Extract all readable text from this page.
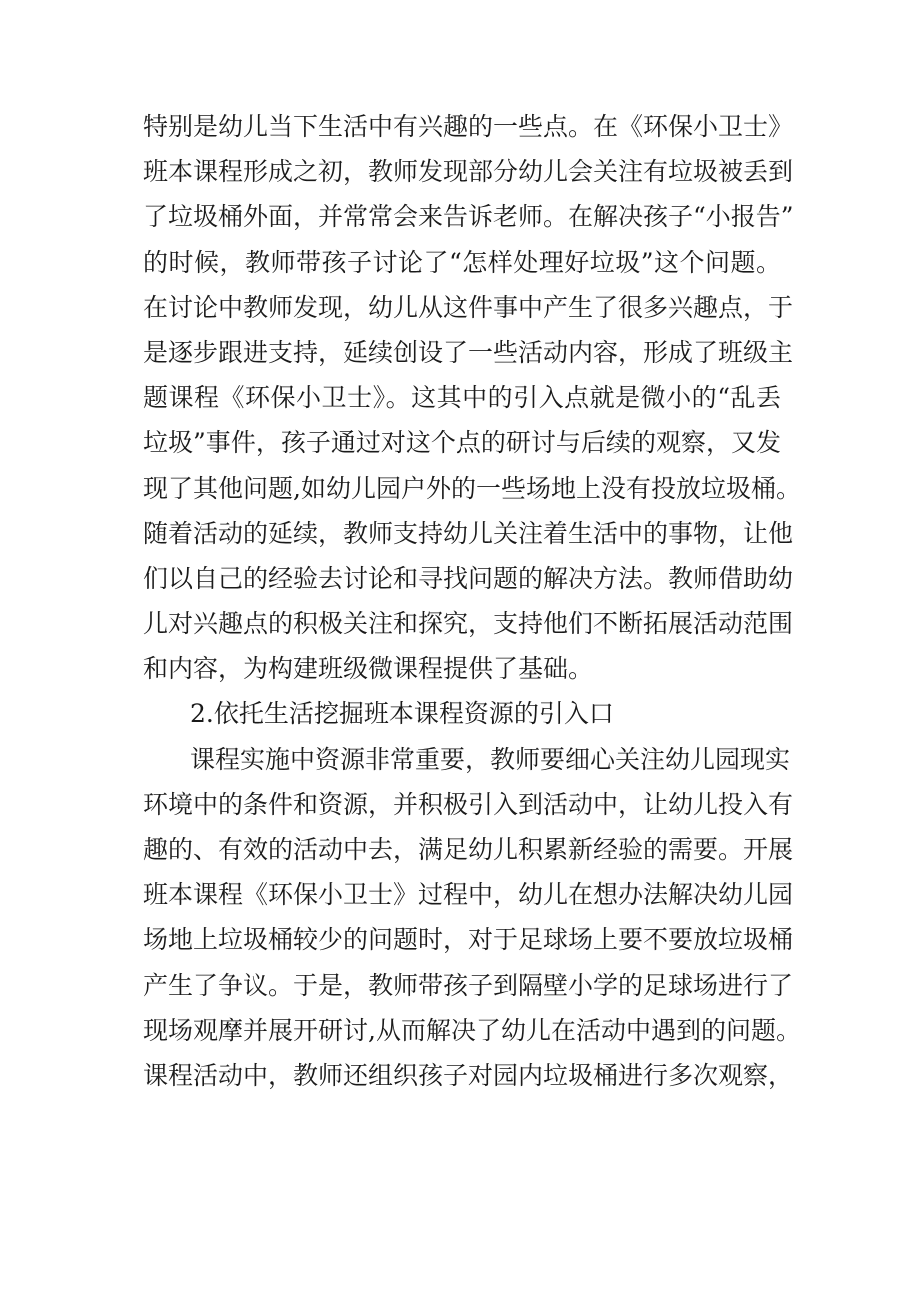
特别是幼儿当下生活中有兴趣的一些点。在《环保小卫士》
班本课程形成之初，教师发现部分幼儿会关注有垃圾被丢到
了垃圾桶外面，并常常会来告诉老师。在解决孩子“小报告”
的时候，教师带孩子讨论了“怎样处理好垃圾”这个问题。
在讨论中教师发现，幼儿从这件事中产生了很多兴趣点，于
是逐步跟进支持，延续创设了一些活动内容，形成了班级主
题课程《环保小卫士》。这其中的引入点就是微小的“乱丢
垃圾”事件，孩子通过对这个点的研讨与后续的观察，又发
现了其他问题,如幼儿园户外的一些场地上没有投放垃圾桶。
随着活动的延续，教师支持幼儿关注着生活中的事物，让他
们以自己的经验去讨论和寻找问题的解决方法。教师借助幼
儿对兴趣点的积极关注和探究，支持他们不断拓展活动范围
和内容，为构建班级微课程提供了基础。
2.依托生活挖掘班本课程资源的引入口
课程实施中资源非常重要，教师要细心关注幼儿园现实
环境中的条件和资源，并积极引入到活动中，让幼儿投入有
趣的、有效的活动中去，满足幼儿积累新经验的需要。开展
班本课程《环保小卫士》过程中，幼儿在想办法解决幼儿园
场地上垃圾桶较少的问题时，对于足球场上要不要放垃圾桶
产生了争议。于是，教师带孩子到隔壁小学的足球场进行了
现场观摩并展开研讨,从而解决了幼儿在活动中遇到的问题。
课程活动中，教师还组织孩子对园内垃圾桶进行多次观察，
